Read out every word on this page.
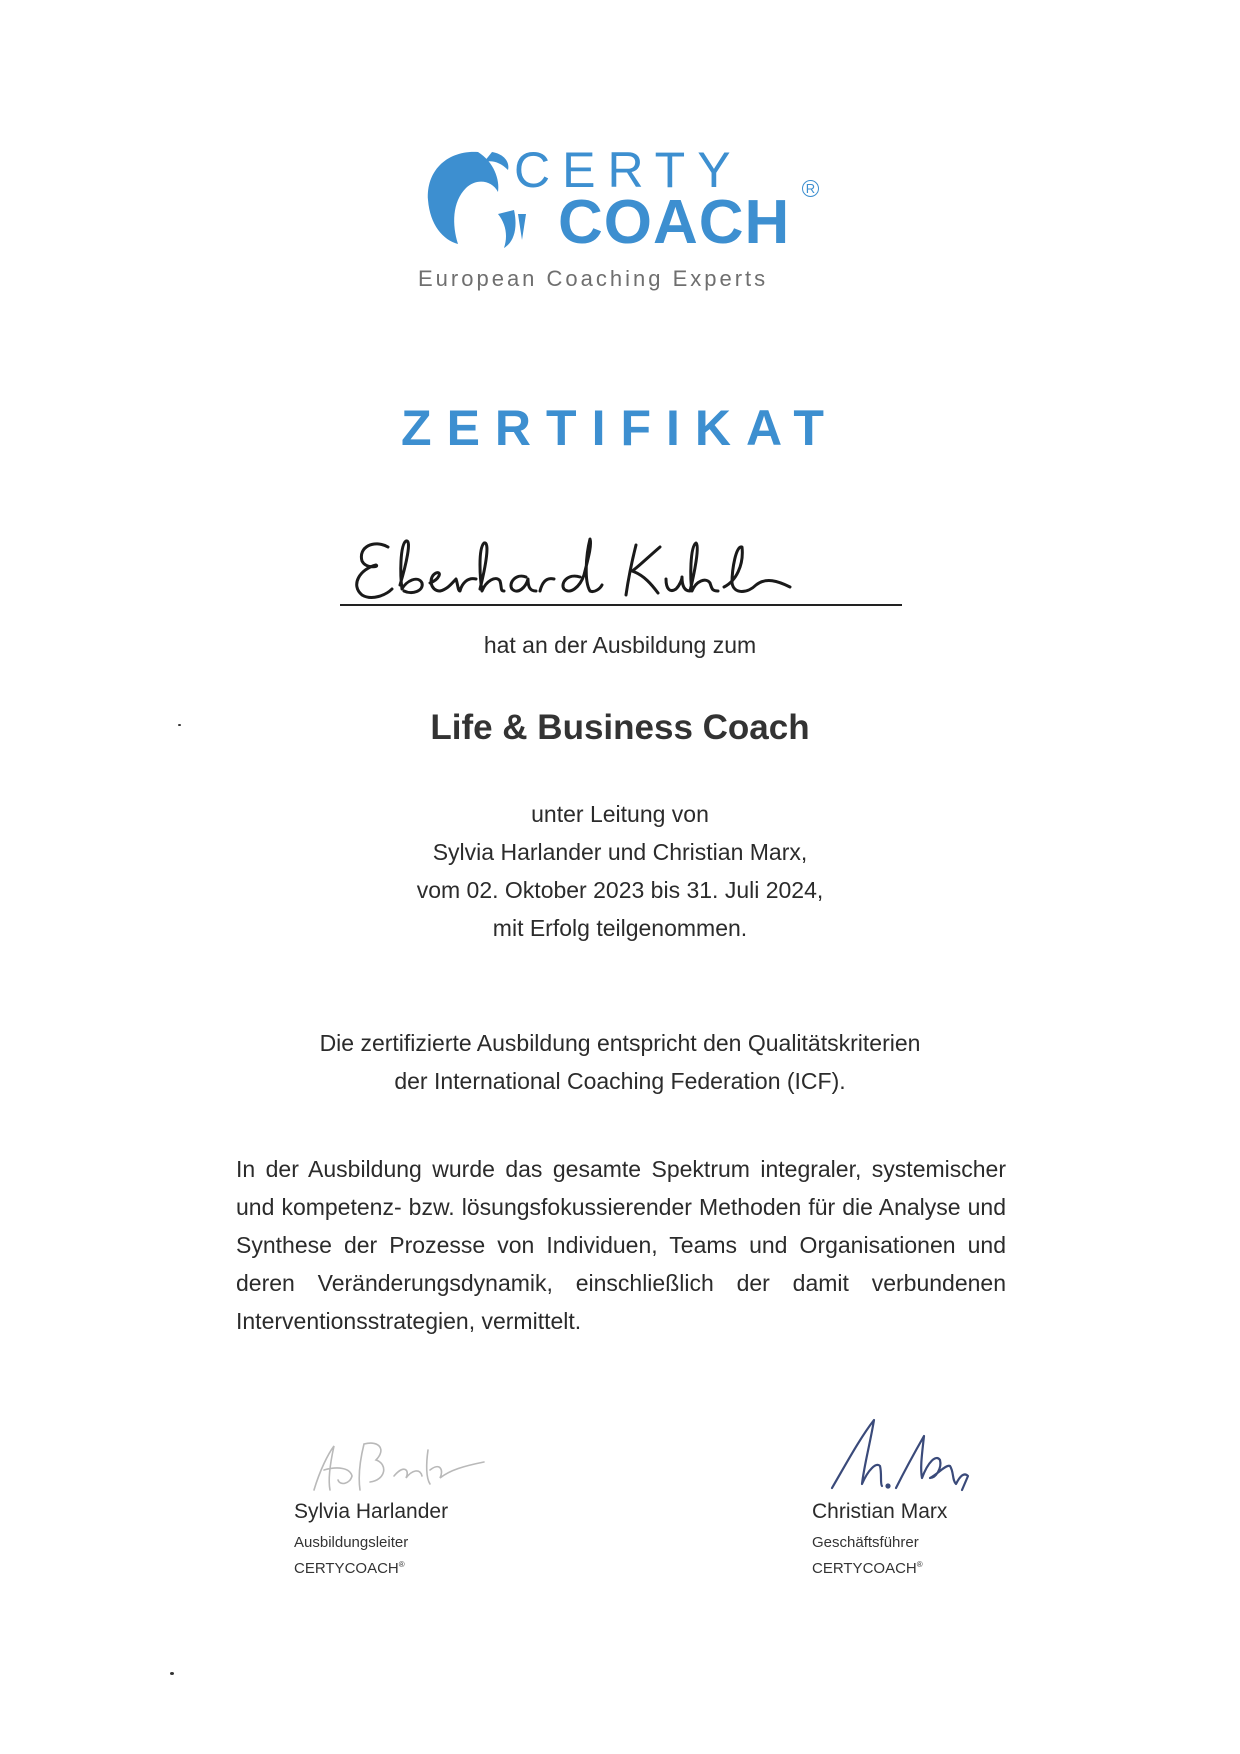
CERTY
COACH R
European Coaching Experts
ZERTIFIKAT
hat an der Ausbildung zum
Life & Business Coach
unter Leitung von
Sylvia Harlander und Christian Marx,
vom 02. Oktober 2023 bis 31. Juli 2024,
mit Erfolg teilgenommen.
Die zertifizierte Ausbildung entspricht den Qualitätskriterien
der International Coaching Federation (ICF).
In der Ausbildung wurde das gesamte Spektrum integraler, systemischer und kompetenz- bzw. lösungsfokussierender Methoden für die Analyse und Synthese der Prozesse von Individuen, Teams und Organisationen und deren Veränderungsdynamik, einschließlich der damit verbundenen Interventionsstrategien, vermittelt.
Sylvia Harlander
Ausbildungsleiter
CERTYCOACH®
Christian Marx
Geschäftsführer
CERTYCOACH®
